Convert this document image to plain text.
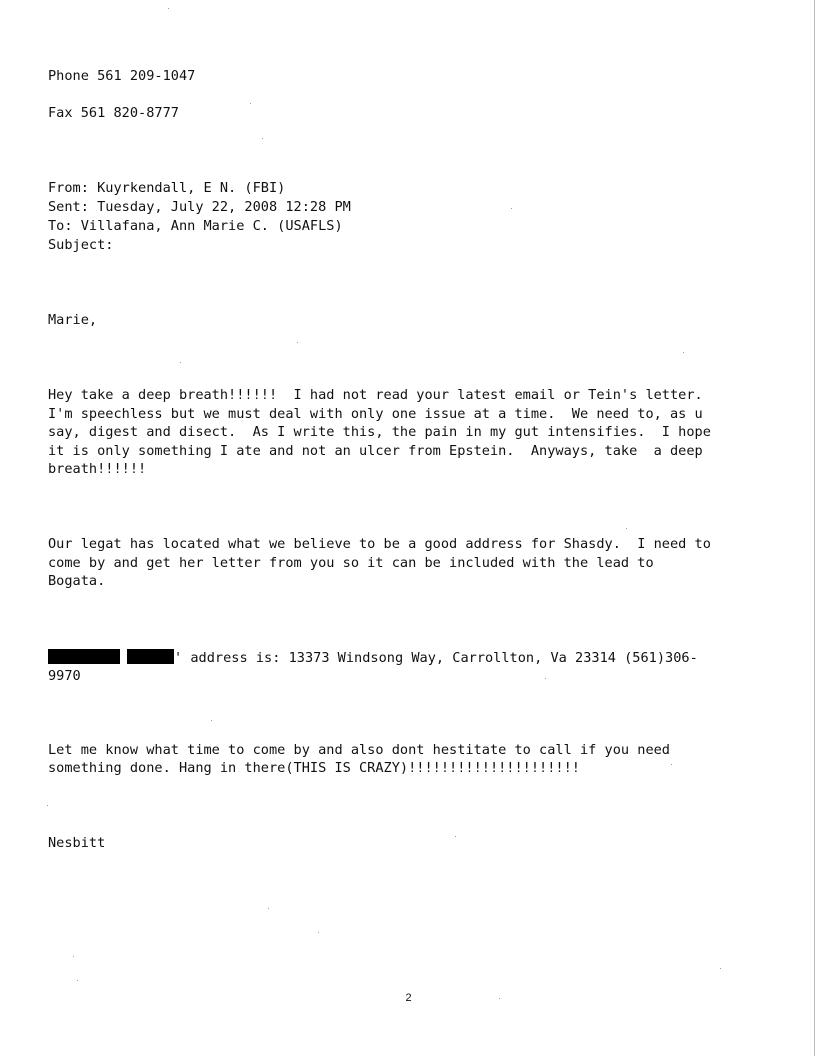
Phone 561 209-1047
Fax 561 820-8777
From: Kuyrkendall, E N. (FBI)
Sent: Tuesday, July 22, 2008 12:28 PM
To: Villafana, Ann Marie C. (USAFLS)
Subject:
Marie,
Hey take a deep breath!!!!!!  I had not read your latest email or Tein's letter.
I'm speechless but we must deal with only one issue at a time.  We need to, as u
say, digest and disect.  As I write this, the pain in my gut intensifies.  I hope
it is only something I ate and not an ulcer from Epstein.  Anyways, take  a deep
breath!!!!!!
Our legat has located what we believe to be a good address for Shasdy.  I need to
come by and get her letter from you so it can be included with the lead to
Bogata.
' address is: 13373 Windsong Way, Carrollton, Va 23314 (561)306-
9970
Let me know what time to come by and also dont hestitate to call if you need
something done. Hang in there(THIS IS CRAZY)!!!!!!!!!!!!!!!!!!!!!
Nesbitt
2
